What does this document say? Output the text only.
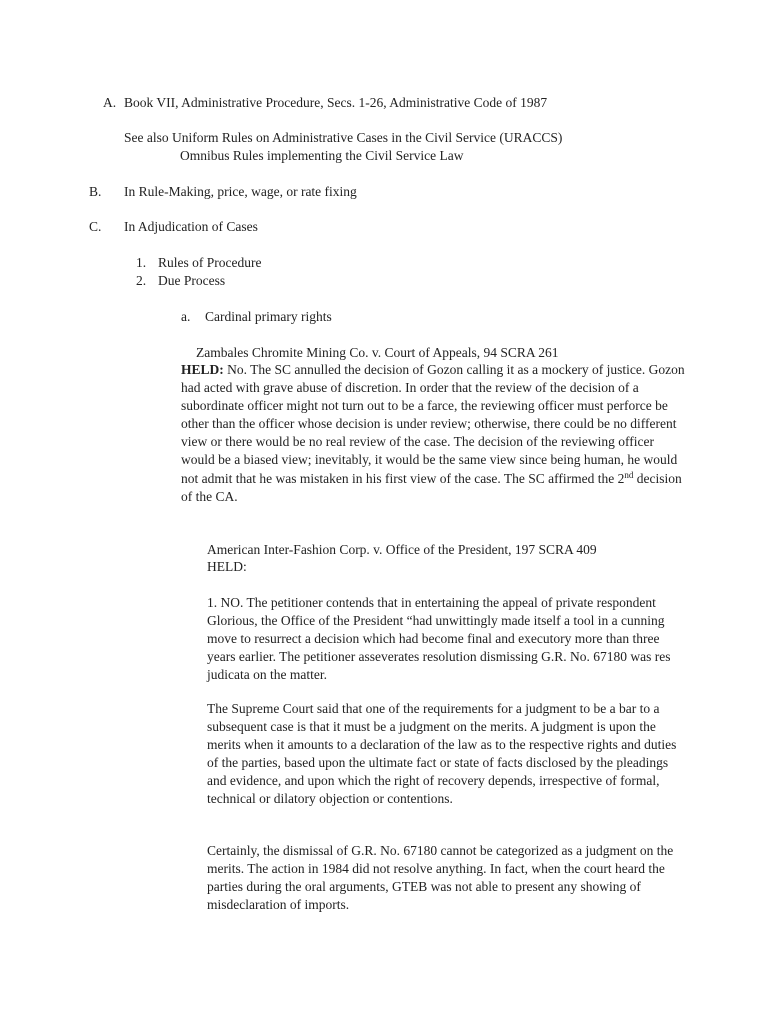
A. Book VII, Administrative Procedure, Secs. 1-26, Administrative Code of 1987
See also Uniform Rules on Administrative Cases in the Civil Service (URACCS)
Omnibus Rules implementing the Civil Service Law
B. In Rule-Making, price, wage, or rate fixing
C. In Adjudication of Cases
1. Rules of Procedure
2. Due Process
a. Cardinal primary rights
Zambales Chromite Mining Co. v. Court of Appeals, 94 SCRA 261

HELD: No. The SC annulled the decision of Gozon calling it as a mockery of justice. Gozon had acted with grave abuse of discretion. In order that the review of the decision of a subordinate officer might not turn out to be a farce, the reviewing officer must perforce be other than the officer whose decision is under review; otherwise, there could be no different view or there would be no real review of the case. The decision of the reviewing officer would be a biased view; inevitably, it would be the same view since being human, he would not admit that he was mistaken in his first view of the case. The SC affirmed the 2nd decision of the CA.

American Inter-Fashion Corp. v. Office of the President, 197 SCRA 409
HELD:

1. NO. The petitioner contends that in entertaining the appeal of private respondent Glorious, the Office of the President “had unwittingly made itself a tool in a cunning move to resurrect a decision which had become final and executory more than three years earlier. The petitioner asseverates resolution dismissing G.R. No. 67180 was res judicata on the matter.

The Supreme Court said that one of the requirements for a judgment to be a bar to a subsequent case is that it must be a judgment on the merits. A judgment is upon the merits when it amounts to a declaration of the law as to the respective rights and duties of the parties, based upon the ultimate fact or state of facts disclosed by the pleadings and evidence, and upon which the right of recovery depends, irrespective of formal, technical or dilatory objection or contentions.

Certainly, the dismissal of G.R. No. 67180 cannot be categorized as a judgment on the merits. The action in 1984 did not resolve anything. In fact, when the court heard the parties during the oral arguments, GTEB was not able to present any showing of misdeclaration of imports.
